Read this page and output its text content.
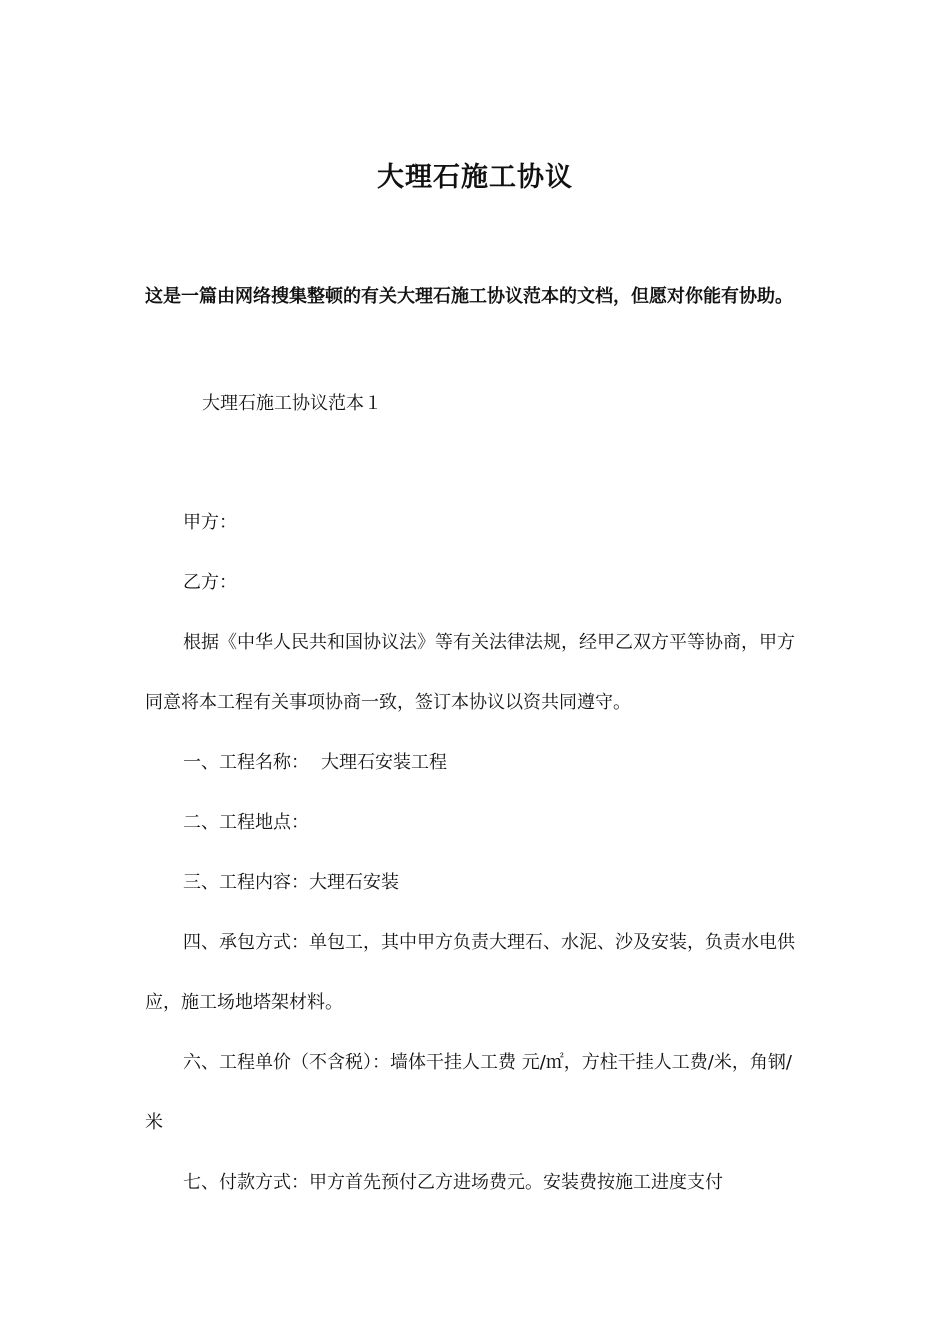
大理石施工协议
这是一篇由网络搜集整顿的有关大理石施工协议范本的文档，但愿对你能有协助。
大理石施工协议范本１

甲方：

乙方：

根据《中华人民共和国协议法》等有关法律法规，经甲乙双方平等协商，甲方同意将本工程有关事项协商一致，签订本协议以资共同遵守。

一、工程名称： 大理石安装工程

二、工程地点：

三、工程内容：大理石安装

四、承包方式：单包工，其中甲方负责大理石、水泥、沙及安装，负责水电供应，施工场地塔架材料。

六、工程单价（不含税）：墙体干挂人工费 元/㎡，方柱干挂人工费/米，角钢/米

七、付款方式：甲方首先预付乙方进场费元。安装费按施工进度支付
